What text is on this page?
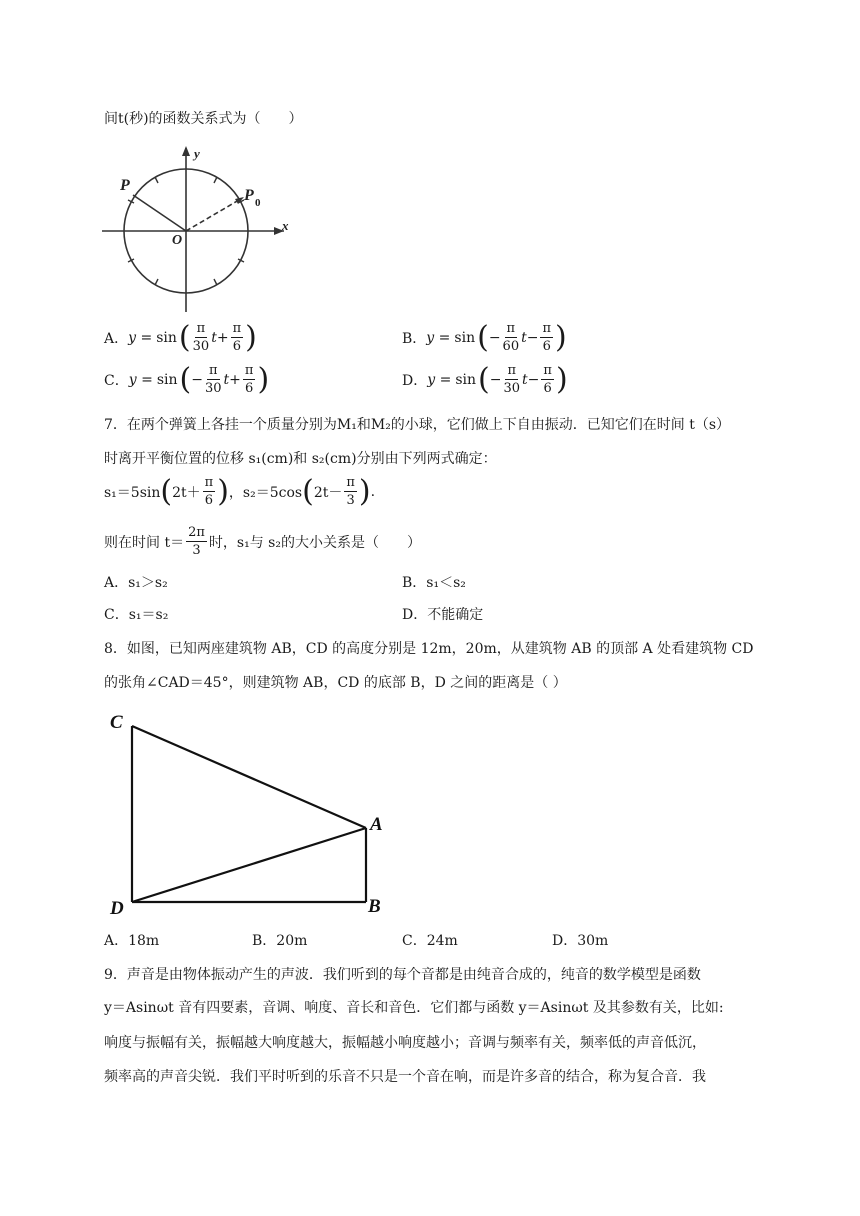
间t(秒)的函数关系式为（　　）
P
P 0
O
x
y
A． y = sin ( $\frac{\pi}{30}$ $t + \frac{\pi}{6}$ )	B． y = sin ( − $\frac{\pi}{60}$ $t - \frac{\pi}{6}$ )
C． y = sin ( − $\frac{\pi}{30}$ $t + \frac{\pi}{6}$ )	D． y = sin ( − $\frac{\pi}{30}$ $t - \frac{\pi}{6}$ )
7．在两个弹簧上各挂一个质量分别为M₁和M₂的小球，它们做上下自由振动．已知它们在时间 t（s）
时离开平衡位置的位移 s₁(cm)和 s₂(cm)分别由下列两式确定：
s₁＝5sin ( $2t+ \frac{\pi}{6}$ ) ， s₂＝5cos ( $2t- \frac{\pi}{3}$ ) .
则在时间 $t= \frac{2\pi}{3}$ 时，s₁与 s₂的大小关系是（　　）
A．s₁＞s₂	B．s₁＜s₂
C．s₁＝s₂	D．不能确定
8．如图，已知两座建筑物 AB，CD 的高度分别是 12m，20m，从建筑物 AB 的顶部 A 处看建筑物 CD
的张角∠CAD＝45°，则建筑物 AB，CD 的底部 B，D 之间的距离是（ ）
C
A
D	B
A．18m	B．20m	C．24m	D．30m
9．声音是由物体振动产生的声波．我们听到的每个音都是由纯音合成的，纯音的数学模型是函数
y＝Asinωt 音有四要素，音调、响度、音长和音色．它们都与函数 y＝Asinωt 及其参数有关，比如:
响度与振幅有关，振幅越大响度越大，振幅越小响度越小；音调与频率有关，频率低的声音低沉，
频率高的声音尖锐．我们平时听到的乐音不只是一个音在响，而是许多音的结合，称为复合音．我
